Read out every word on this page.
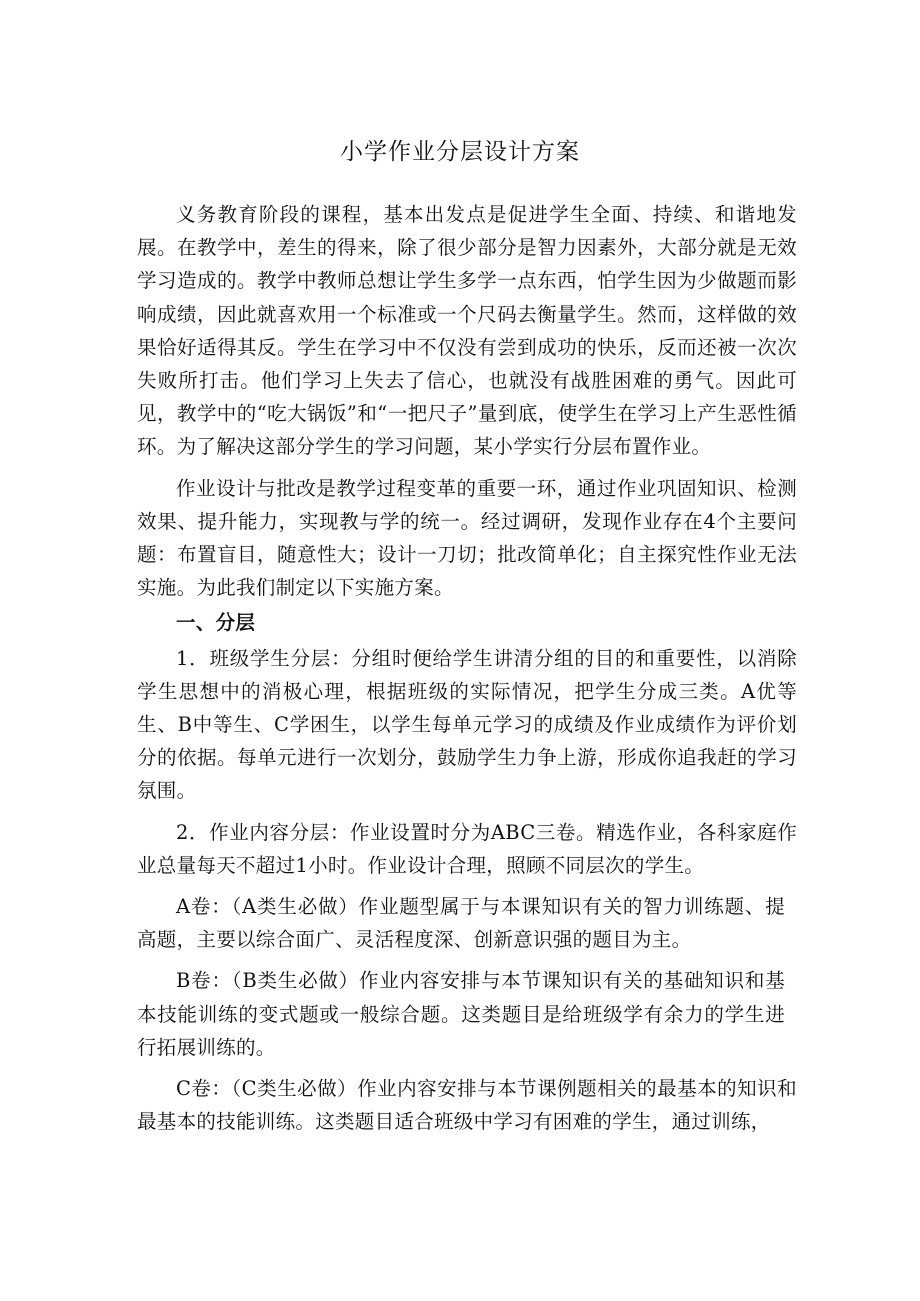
小学作业分层设计方案

义务教育阶段的课程，基本出发点是促进学生全面、持续、和谐地发展。在教学中，差生的得来，除了很少部分是智力因素外，大部分就是无效学习造成的。教学中教师总想让学生多学一点东西，怕学生因为少做题而影响成绩，因此就喜欢用一个标准或一个尺码去衡量学生。然而，这样做的效果恰好适得其反。学生在学习中不仅没有尝到成功的快乐，反而还被一次次失败所打击。他们学习上失去了信心，也就没有战胜困难的勇气。因此可见，教学中的“吃大锅饭”和“一把尺子”量到底，使学生在学习上产生恶性循环。为了解决这部分学生的学习问题，某小学实行分层布置作业。

作业设计与批改是教学过程变革的重要一环，通过作业巩固知识、检测效果、提升能力，实现教与学的统一。经过调研，发现作业存在4个主要问题：布置盲目，随意性大；设计一刀切；批改简单化；自主探究性作业无法实施。为此我们制定以下实施方案。

一、分层

1．班级学生分层：分组时便给学生讲清分组的目的和重要性，以消除学生思想中的消极心理，根据班级的实际情况，把学生分成三类。A优等生、B中等生、C学困生，以学生每单元学习的成绩及作业成绩作为评价划分的依据。每单元进行一次划分，鼓励学生力争上游，形成你追我赶的学习氛围。

2．作业内容分层：作业设置时分为ABC三卷。精选作业，各科家庭作业总量每天不超过1小时。作业设计合理，照顾不同层次的学生。

A卷：（A类生必做）作业题型属于与本课知识有关的智力训练题、提高题，主要以综合面广、灵活程度深、创新意识强的题目为主。

B卷：（B类生必做）作业内容安排与本节课知识有关的基础知识和基本技能训练的变式题或一般综合题。这类题目是给班级学有余力的学生进行拓展训练的。

C卷：（C类生必做）作业内容安排与本节课例题相关的最基本的知识和最基本的技能训练。这类题目适合班级中学习有困难的学生，通过训练，
